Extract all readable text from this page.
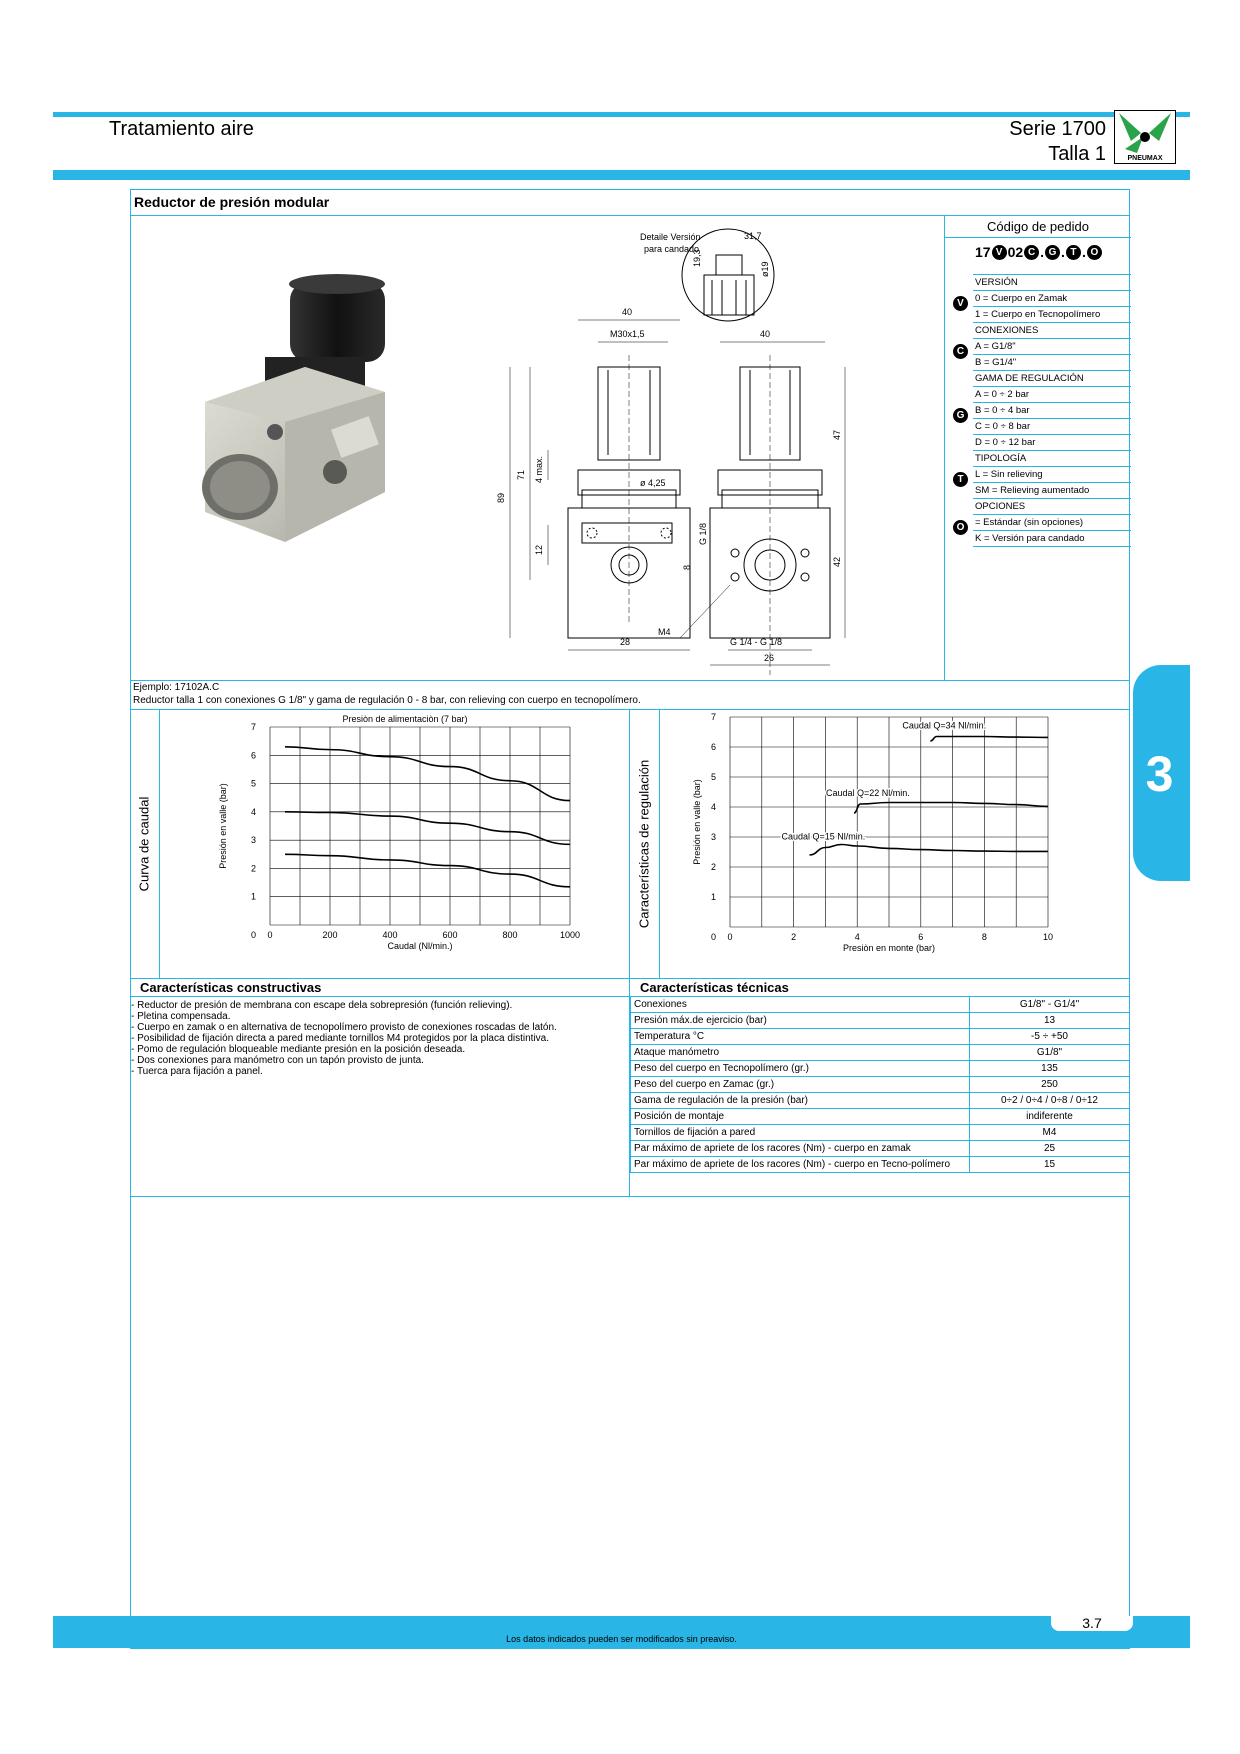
Tratamiento aire	Serie 1700
Talla 1	PNEUMAX
Reductor de presión modular
Detaile Versión
para candado
31,7
19,3
ø19
40
M30x1,5
89
71 4 max.
12
ø 4,25
G 1/8
28
40
47
42
8
M4
G 1/4 - G 1/8
26
Código de pedido
17 V 02 C . G . T . O
VERSIÓN
0 = Cuerpo en Zamak
1 = Cuerpo en Tecnopolímero
CONEXIONES
A = G1/8"
B = G1/4"
GAMA DE REGULACIÓN
A = 0 ÷ 2 bar
B = 0 ÷ 4 bar
C = 0 ÷ 8 bar
D = 0 ÷ 12 bar
TIPOLOGÍA
L = Sin relieving
SM = Relieving aumentado
OPCIONES
= Estándar (sin opciones)
K = Versión para candado
V
C
G
T
O
Ejemplo: 17102A.C
Reductor talla 1 con conexiones G 1/8" y gama de regulación 0 - 8 bar, con relieving con cuerpo en tecnopolímero.
Curva de caudal	Características de regulación
0	200	400	600	800	1000
1
2
3
4
5
6
7
0
Presiòn de alimentaciòn (7 bar)
Caudal (Nl/min.)
Presión en valle (bar)
0	2	4	6	8	10
1
2
3
4
5
6
7
0
Presiòn en monte (bar)
Presión en valle (bar)
Caudal Q=34 Nl/min.
Caudal Q=22 Nl/min.
Caudal Q=15 Nl/min.
Características constructivas
- Reductor de presión de membrana con escape dela sobrepresión (función relieving).
- Pletina compensada.
- Cuerpo en zamak o en alternativa de tecnopolímero provisto de conexiones roscadas de latón.
- Posibilidad de fijación directa a pared mediante tornillos M4 protegidos por la placa distintiva.
- Pomo de regulación bloqueable mediante presión en la posición deseada.
- Dos conexiones para manómetro con un tapón provisto de junta.
- Tuerca para fijación a panel.
Características técnicas
Conexiones	G1/8" - G1/4"
Presión máx.de ejercicio (bar)	13
Temperatura °C	-5 ÷ +50
Ataque manómetro	G1/8"
Peso del cuerpo en Tecnopolímero (gr.)	135
Peso del cuerpo en Zamac (gr.)	250
Gama de regulación de la presión (bar)	0÷2 / 0÷4 / 0÷8 / 0÷12
Posición de montaje	indiferente
Tornillos de fijación a pared	M4
Par máximo de apriete de los racores (Nm) - cuerpo en zamak	25
Par máximo de apriete de los racores (Nm) - cuerpo en Tecno-polímero	15
3
Los datos indicados pueden ser modificados sin preaviso.
3.7
